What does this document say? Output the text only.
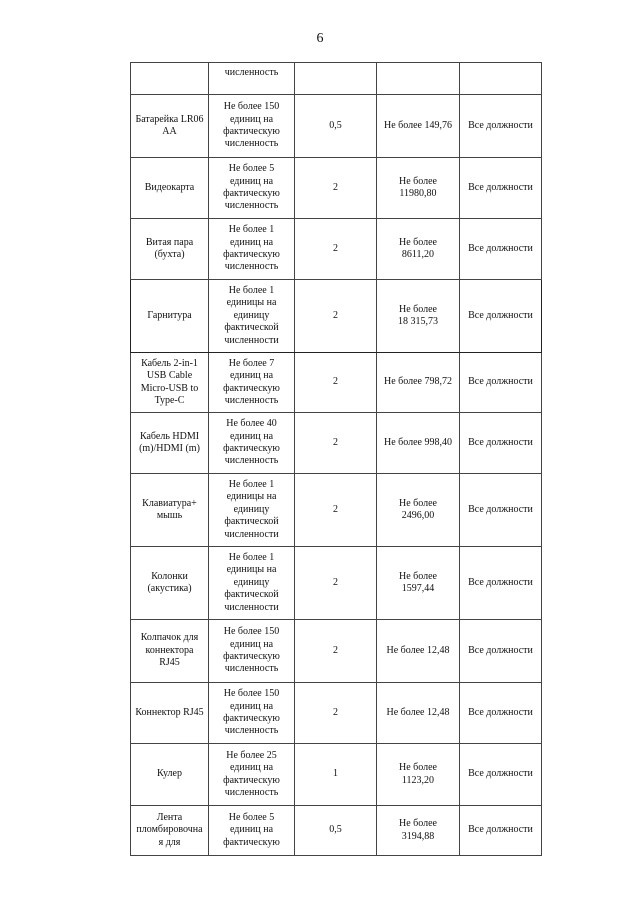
6
	численность			
Батарейка LR06
AA	Не более 150
единиц на
фактическую
численность	0,5	Не более 149,76	Все должности
Видеокарта	Не более 5
единиц на
фактическую
численность	2	Не более
11980,80	Все должности
Витая пара
(бухта)	Не более 1
единиц на
фактическую
численность	2	Не более
8611,20	Все должности
Гарнитура	Не более 1
единицы на
единицу
фактической
численности	2	Не более
18 315,73	Все должности
Кабель 2-in-1
USB Cable
Micro-USB to
Type-C	Не более 7
единиц на
фактическую
численность	2	Не более 798,72	Все должности
Кабель HDMI
(m)/HDMI (m)	Не более 40
единиц на
фактическую
численность	2	Не более 998,40	Все должности
Клавиатура+
мышь	Не более 1
единицы на
единицу
фактической
численности	2	Не более
2496,00	Все должности
Колонки
(акустика)	Не более 1
единицы на
единицу
фактической
численности	2	Не более
1597,44	Все должности
Колпачок для
коннектора
RJ45	Не более 150
единиц на
фактическую
численность	2	Не более 12,48	Все должности
Коннектор RJ45	Не более 150
единиц на
фактическую
численность	2	Не более 12,48	Все должности
Кулер	Не более 25
единиц на
фактическую
численность	1	Не более
1123,20	Все должности
Лента
пломбировочна
я для	Не более 5
единиц на
фактическую	0,5	Не более
3194,88	Все должности
